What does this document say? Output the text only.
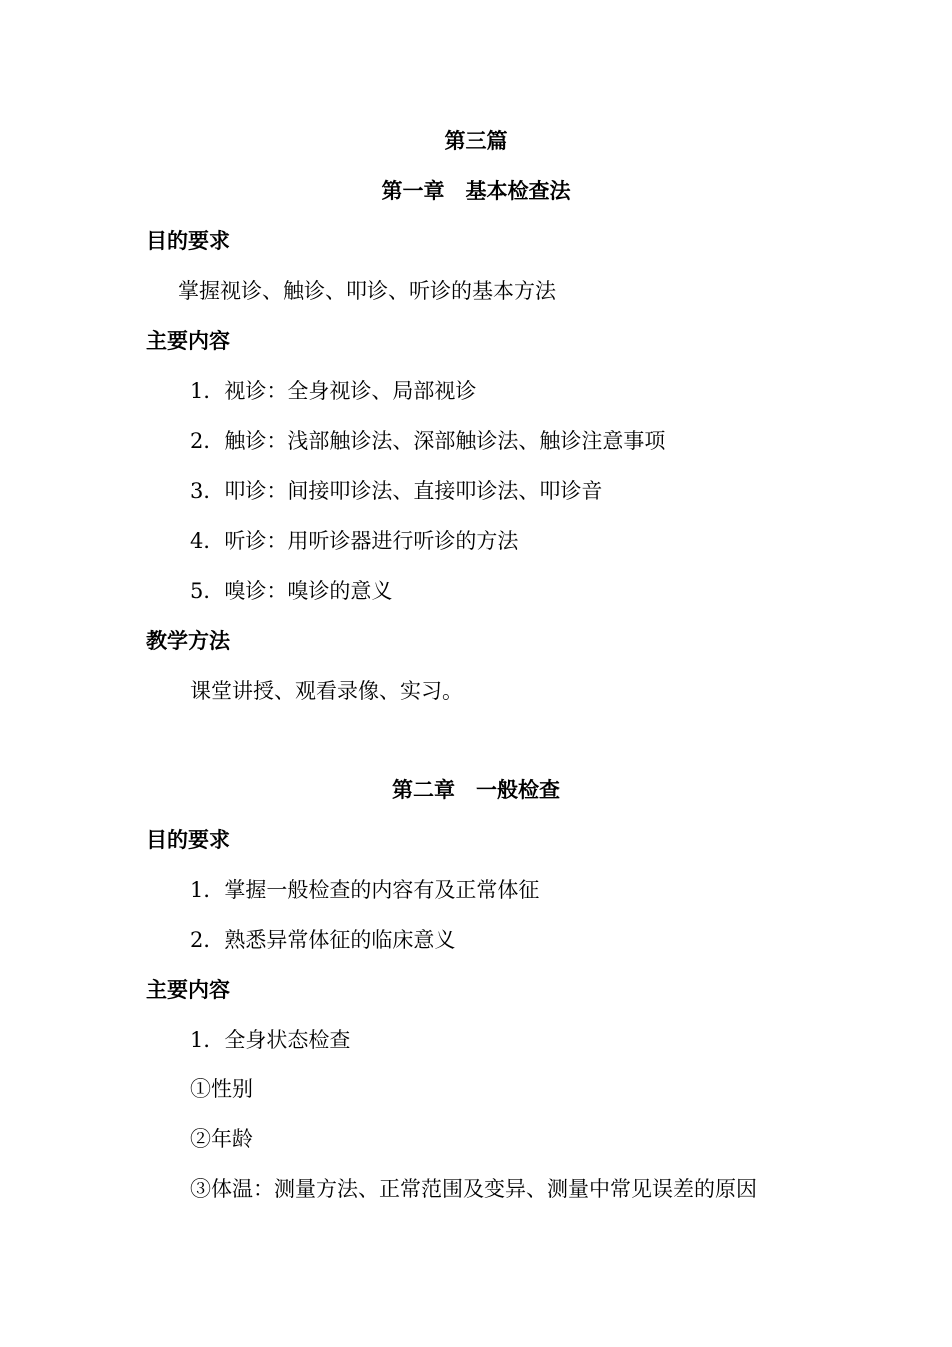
第三篇
第一章　基本检查法
目的要求
掌握视诊、触诊、叩诊、听诊的基本方法
主要内容
1．视诊：全身视诊、局部视诊
2．触诊：浅部触诊法、深部触诊法、触诊注意事项
3．叩诊：间接叩诊法、直接叩诊法、叩诊音
4．听诊：用听诊器进行听诊的方法
5．嗅诊：嗅诊的意义
教学方法
课堂讲授、观看录像、实习。
第二章　一般检查
目的要求
1．掌握一般检查的内容有及正常体征
2．熟悉异常体征的临床意义
主要内容
1．全身状态检查
①性别
②年龄
③体温：测量方法、正常范围及变异、测量中常见误差的原因
